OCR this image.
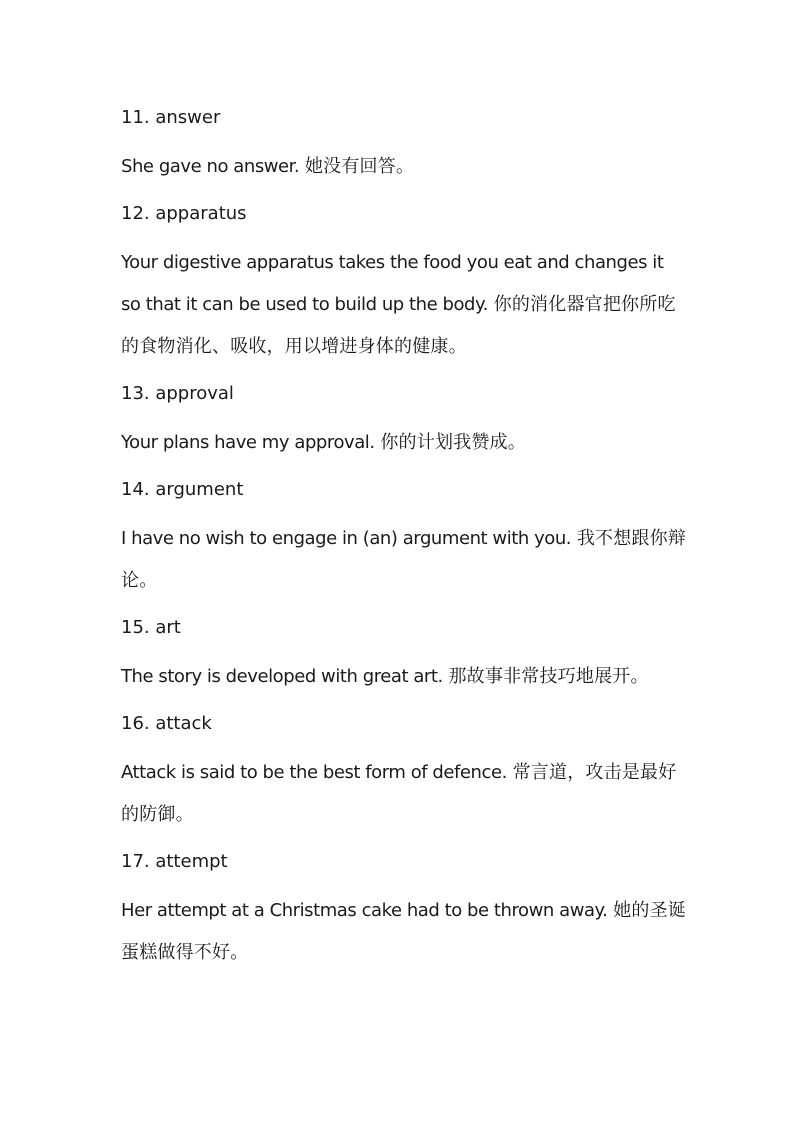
11. answer

She gave no answer. 她没有回答。

12. apparatus

Your digestive apparatus takes the food you eat and changes it so that it can be used to build up the body. 你的消化器官把你所吃的食物消化、吸收，用以增进身体的健康。

13. approval

Your plans have my approval. 你的计划我赞成。

14. argument

I have no wish to engage in (an) argument with you. 我不想跟你辩论。

15. art

The story is developed with great art. 那故事非常技巧地展开。

16. attack

Attack is said to be the best form of defence. 常言道，攻击是最好的防御。

17. attempt

Her attempt at a Christmas cake had to be thrown away. 她的圣诞蛋糕做得不好。
